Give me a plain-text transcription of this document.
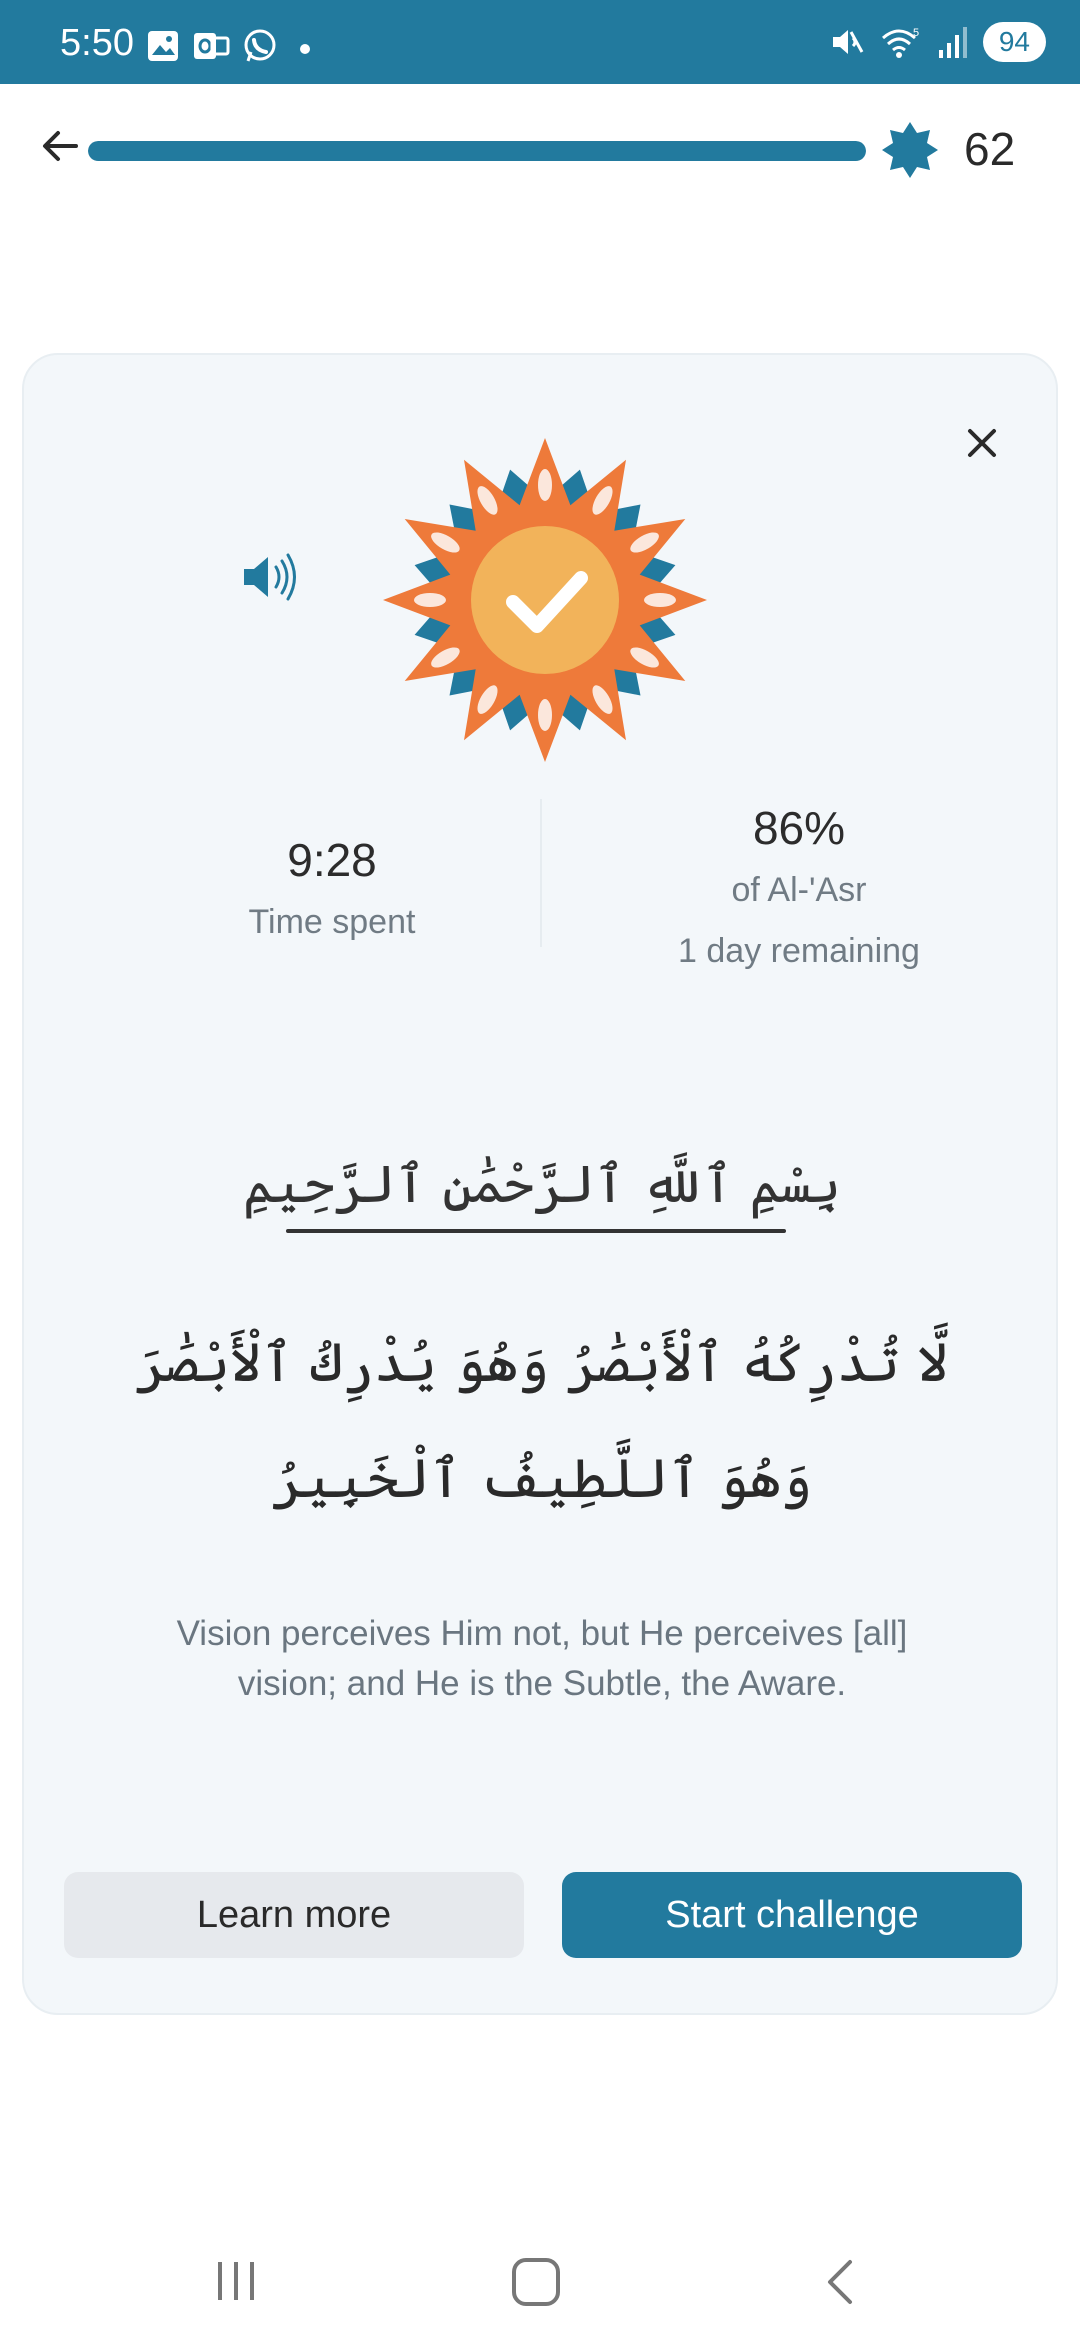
5:50	5	94
62
9:28
Time spent
86%
of Al-'Asr
1 day remaining
بِسْمِ ٱللَّهِ ٱلرَّحْمَٰنِ ٱلرَّحِيمِ
لَّا تُدْرِكُهُ ٱلْأَبْصَٰرُ وَهُوَ يُدْرِكُ ٱلْأَبْصَٰرَ وَهُوَ ٱللَّطِيفُ ٱلْخَبِيرُ
Vision perceives Him not, but He perceives [all] vision; and He is the Subtle, the Aware.
Learn more	Start challenge
